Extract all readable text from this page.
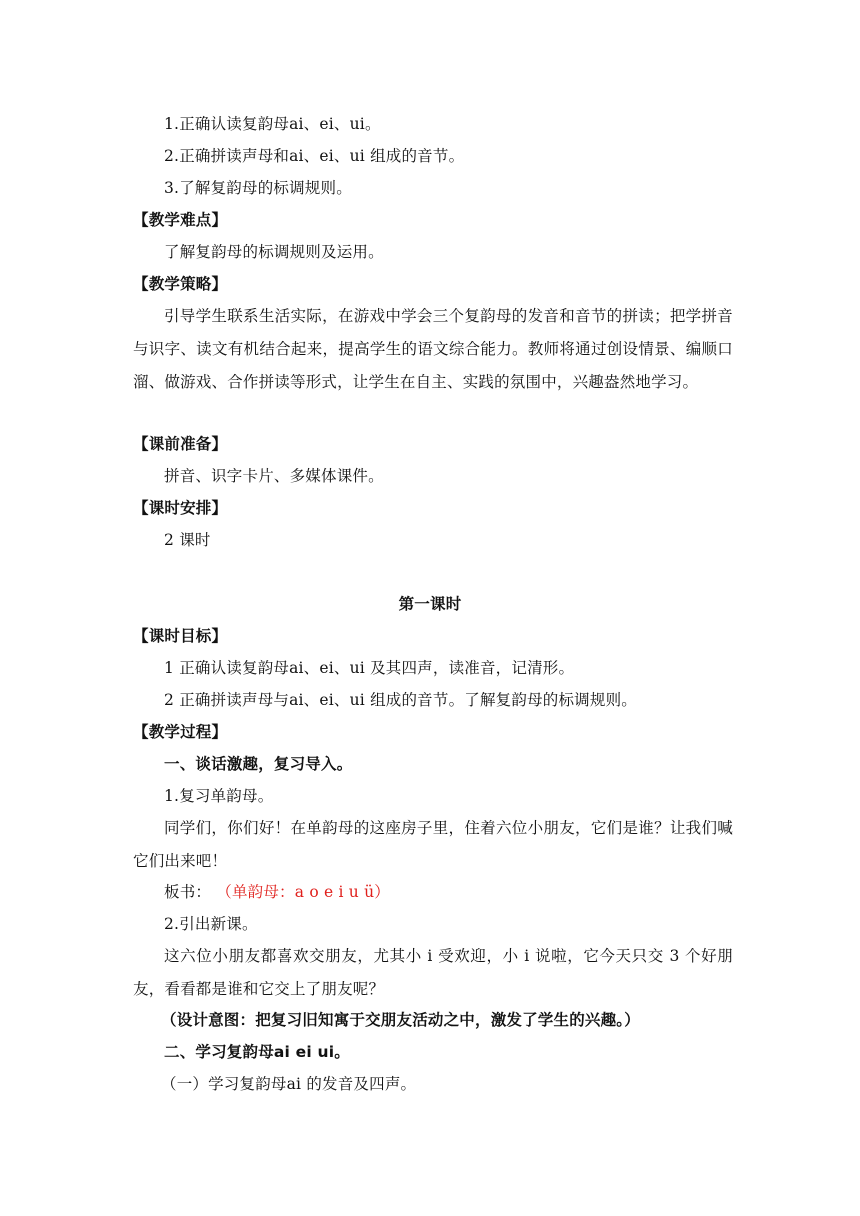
1.正确认读复韵母ai、ei、ui。
2.正确拼读声母和ai、ei、ui 组成的音节。
3.了解复韵母的标调规则。
【教学难点】
了解复韵母的标调规则及运用。
【教学策略】
引导学生联系生活实际，在游戏中学会三个复韵母的发音和音节的拼读；把学拼音与识字、读文有机结合起来，提高学生的语文综合能力。教师将通过创设情景、编顺口溜、做游戏、合作拼读等形式，让学生在自主、实践的氛围中，兴趣盎然地学习。
【课前准备】
拼音、识字卡片、多媒体课件。
【课时安排】
2 课时
第一课时
【课时目标】
1 正确认读复韵母ai、ei、ui 及其四声，读准音，记清形。
2 正确拼读声母与ai、ei、ui 组成的音节。了解复韵母的标调规则。
【教学过程】
一、谈话激趣，复习导入。
1.复习单韵母。
同学们，你们好！在单韵母的这座房子里，住着六位小朋友，它们是谁？让我们喊它们出来吧！
板书： （单韵母：a o e i u ü）
2.引出新课。
这六位小朋友都喜欢交朋友，尤其小 i 受欢迎，小 i 说啦，它今天只交 3 个好朋友，看看都是谁和它交上了朋友呢？
（设计意图：把复习旧知寓于交朋友活动之中，激发了学生的兴趣。）
二、学习复韵母ai ei ui。
（一）学习复韵母ai 的发音及四声。
